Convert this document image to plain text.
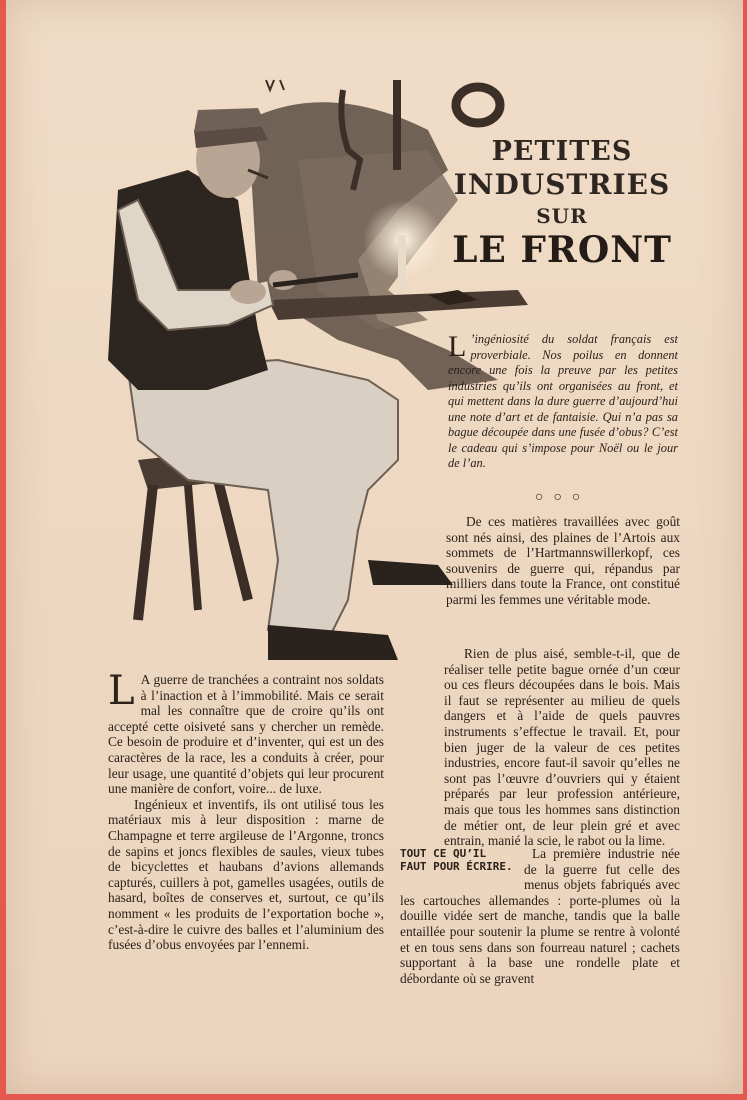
PETITES
INDUSTRIES
SUR
LE FRONT
L ’ingéniosité du soldat français est proverbiale. Nos poilus en donnent encore une fois la preuve par les petites industries qu’ils ont organisées au front, et qui mettent dans la dure guerre d’aujourd’hui une note d’art et de fantaisie. Qui n’a pas sa bague découpée dans une fusée d’obus? C’est le cadeau qui s’impose pour Noël ou le jour de l’an.
○○○

De ces matières travaillées avec goût sont nés ainsi, des plaines de l’Artois aux sommets de l’Hartmannswillerkopf, ces souvenirs de guerre qui, répandus par milliers dans toute la France, ont constitué parmi les femmes une véritable mode.

Rien de plus aisé, semble-t-il, que de réaliser telle petite bague ornée d’un cœur ou ces fleurs découpées dans le bois. Mais il faut se représenter au milieu de quels dangers et à l’aide de quels pauvres instruments s’effectue le travail. Et, pour bien juger de la valeur de ces petites industries, encore faut-il savoir qu’elles ne sont pas l’œuvre d’ouvriers qui y étaient préparés par leur profession antérieure, mais que tous les hommes sans distinction de métier ont, de leur plein gré et avec entrain, manié la scie, le rabot ou la lime.

La première industrie née de la guerre fut celle des menus objets fabriqués avec les cartouches allemandes : porte-plumes où la douille vidée sert de manche, tandis que la balle entaillée pour soutenir la plume se rentre à volonté et en tous sens dans son fourreau naturel ; cachets supportant à la base une rondelle plate et débordante où se gravent

TOUT CE QU’IL FAUT POUR ÉCRIRE.
L A guerre de tranchées a contraint nos soldats à l’inaction et à l’immobilité. Mais ce serait mal les connaître que de croire qu’ils ont accepté cette oisiveté sans y chercher un remède. Ce besoin de produire et d’inventer, qui est un des caractères de la race, les a conduits à créer, pour leur usage, une quantité d’objets qui leur procurent une manière de confort, voire... de luxe.

Ingénieux et inventifs, ils ont utilisé tous les matériaux mis à leur disposition : marne de Champagne et terre argileuse de l’Argonne, troncs de sapins et joncs flexibles de saules, vieux tubes de bicyclettes et haubans d’avions allemands capturés, cuillers à pot, gamelles usagées, outils de hasard, boîtes de conserves et, surtout, ce qu’ils nomment « les produits de l’exportation boche », c’est-à-dire le cuivre des balles et l’aluminium des fusées d’obus envoyées par l’ennemi.
